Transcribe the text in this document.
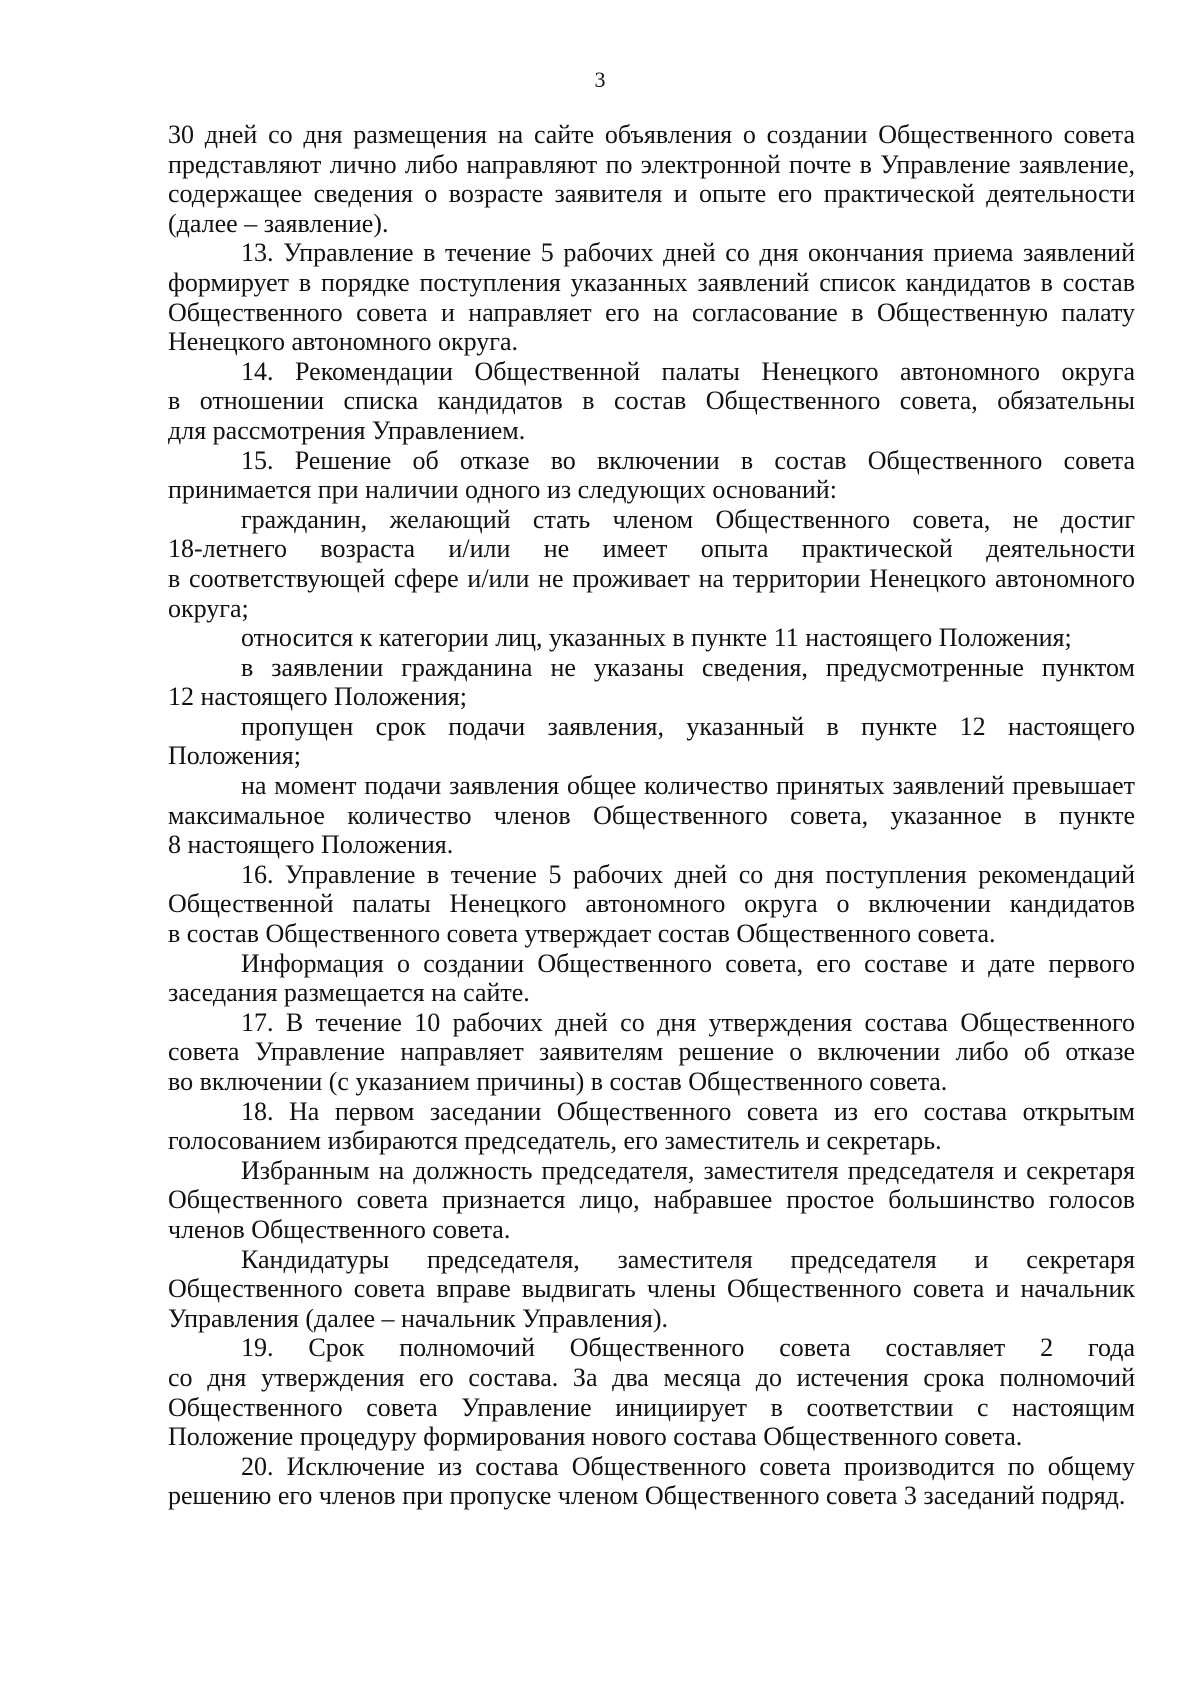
3
30 дней со дня размещения на сайте объявления о создании Общественного совета
представляют лично либо направляют по электронной почте в Управление заявление,
содержащее сведения о возрасте заявителя и опыте его практической деятельности
(далее – заявление).
13. Управление в течение 5 рабочих дней со дня окончания приема заявлений
формирует в порядке поступления указанных заявлений список кандидатов в состав
Общественного совета и направляет его на согласование в Общественную палату
Ненецкого автономного округа.
14. Рекомендации Общественной палаты Ненецкого автономного округа
в отношении списка кандидатов в состав Общественного совета, обязательны
для рассмотрения Управлением.
15. Решение об отказе во включении в состав Общественного совета
принимается при наличии одного из следующих оснований:
гражданин, желающий стать членом Общественного совета, не достиг
18-летнего возраста и/или не имеет опыта практической деятельности
в соответствующей сфере и/или не проживает на территории Ненецкого автономного
округа;
относится к категории лиц, указанных в пункте 11 настоящего Положения;
в заявлении гражданина не указаны сведения, предусмотренные пунктом
12 настоящего Положения;
пропущен срок подачи заявления, указанный в пункте 12 настоящего
Положения;
на момент подачи заявления общее количество принятых заявлений превышает
максимальное количество членов Общественного совета, указанное в пункте
8 настоящего Положения.
16. Управление в течение 5 рабочих дней со дня поступления рекомендаций
Общественной палаты Ненецкого автономного округа о включении кандидатов
в состав Общественного совета утверждает состав Общественного совета.
Информация о создании Общественного совета, его составе и дате первого
заседания размещается на сайте.
17. В течение 10 рабочих дней со дня утверждения состава Общественного
совета Управление направляет заявителям решение о включении либо об отказе
во включении (с указанием причины) в состав Общественного совета.
18. На первом заседании Общественного совета из его состава открытым
голосованием избираются председатель, его заместитель и секретарь.
Избранным на должность председателя, заместителя председателя и секретаря
Общественного совета признается лицо, набравшее простое большинство голосов
членов Общественного совета.
Кандидатуры председателя, заместителя председателя и секретаря
Общественного совета вправе выдвигать члены Общественного совета и начальник
Управления (далее – начальник Управления).
19. Срок полномочий Общественного совета составляет 2 года
со дня утверждения его состава. За два месяца до истечения срока полномочий
Общественного совета Управление инициирует в соответствии с настоящим
Положение процедуру формирования нового состава Общественного совета.
20. Исключение из состава Общественного совета производится по общему
решению его членов при пропуске членом Общественного совета 3 заседаний подряд.
